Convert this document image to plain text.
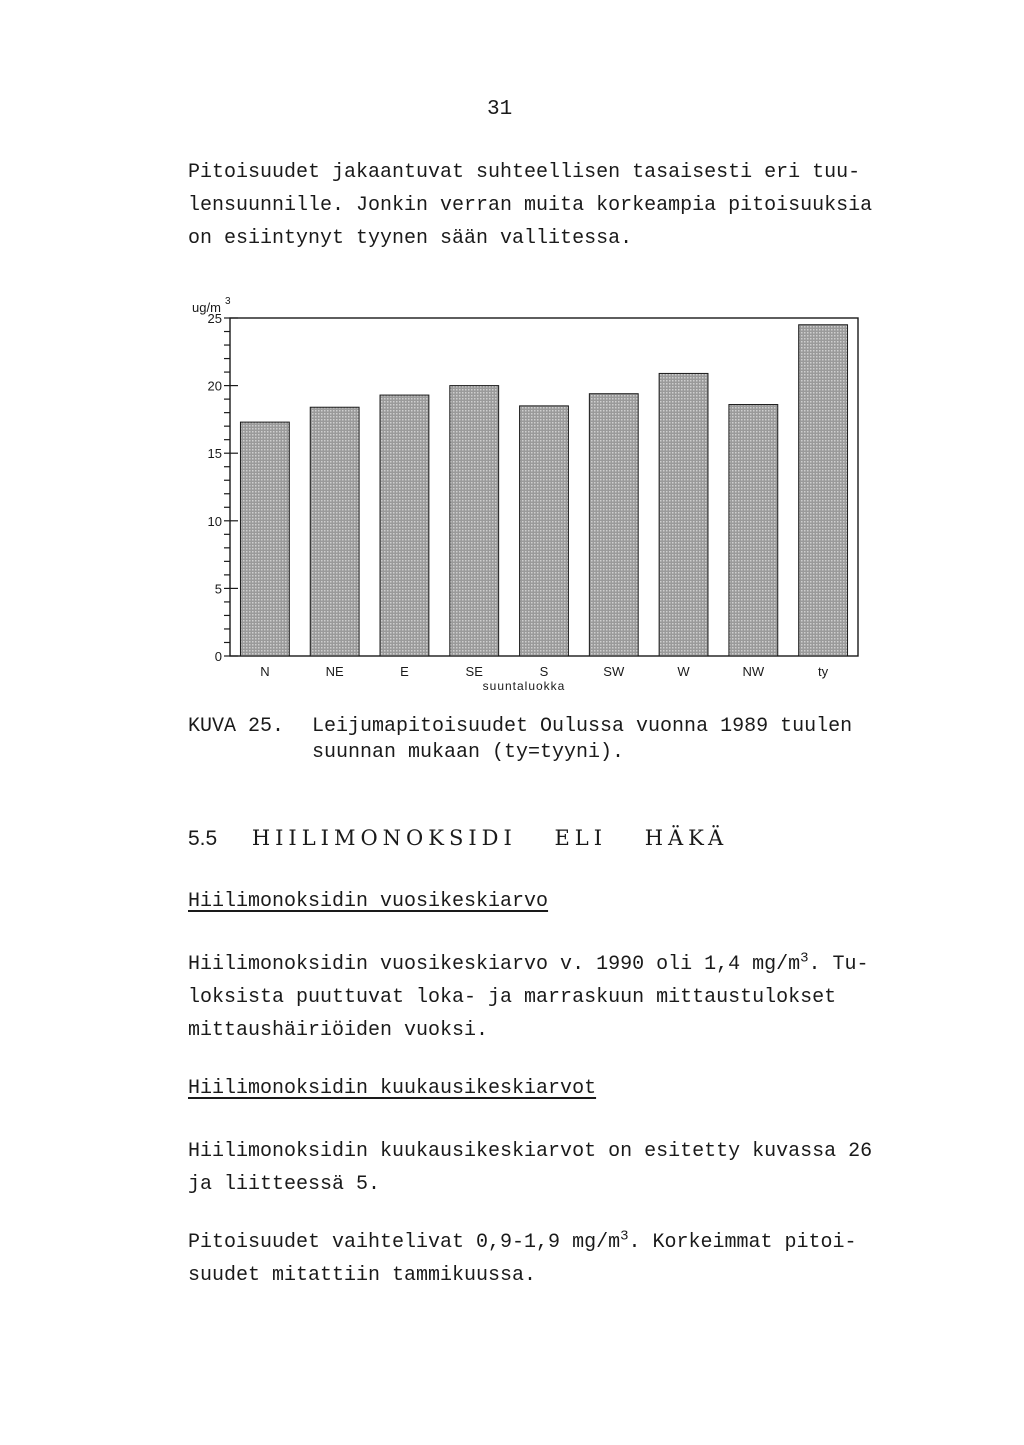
31

Pitoisuudet jakaantuvat suhteellisen tasaisesti eri tuu-
lensuunnille. Jonkin verran muita korkeampia pitoisuuksia
on esiintynyt tyynen sään vallitessa.

0
5
10
15
20
25
ug/m 3
N	NE	E	SE	S	SW	W	NW	ty
suuntaluokka
KUVA 25. Leijumapitoisuudet Oulussa vuonna 1989 tuulen suunnan mukaan (ty=tyyni).
5.5 HIILIMONOKSIDI ELI HÄKÄ
Hiilimonoksidin vuosikeskiarvo

Hiilimonoksidin vuosikeskiarvo v. 1990 oli 1,4 $mg/m^3$. Tu-
loksista puuttuvat loka- ja marraskuun mittaustulokset
mittaushäiriöiden vuoksi.

Hiilimonoksidin kuukausikeskiarvot

Hiilimonoksidin kuukausikeskiarvot on esitetty kuvassa 26
ja liitteessä 5.

Pitoisuudet vaihtelivat 0,9-1,9 $mg/m^3$. Korkeimmat pitoi-
suudet mitattiin tammikuussa.
